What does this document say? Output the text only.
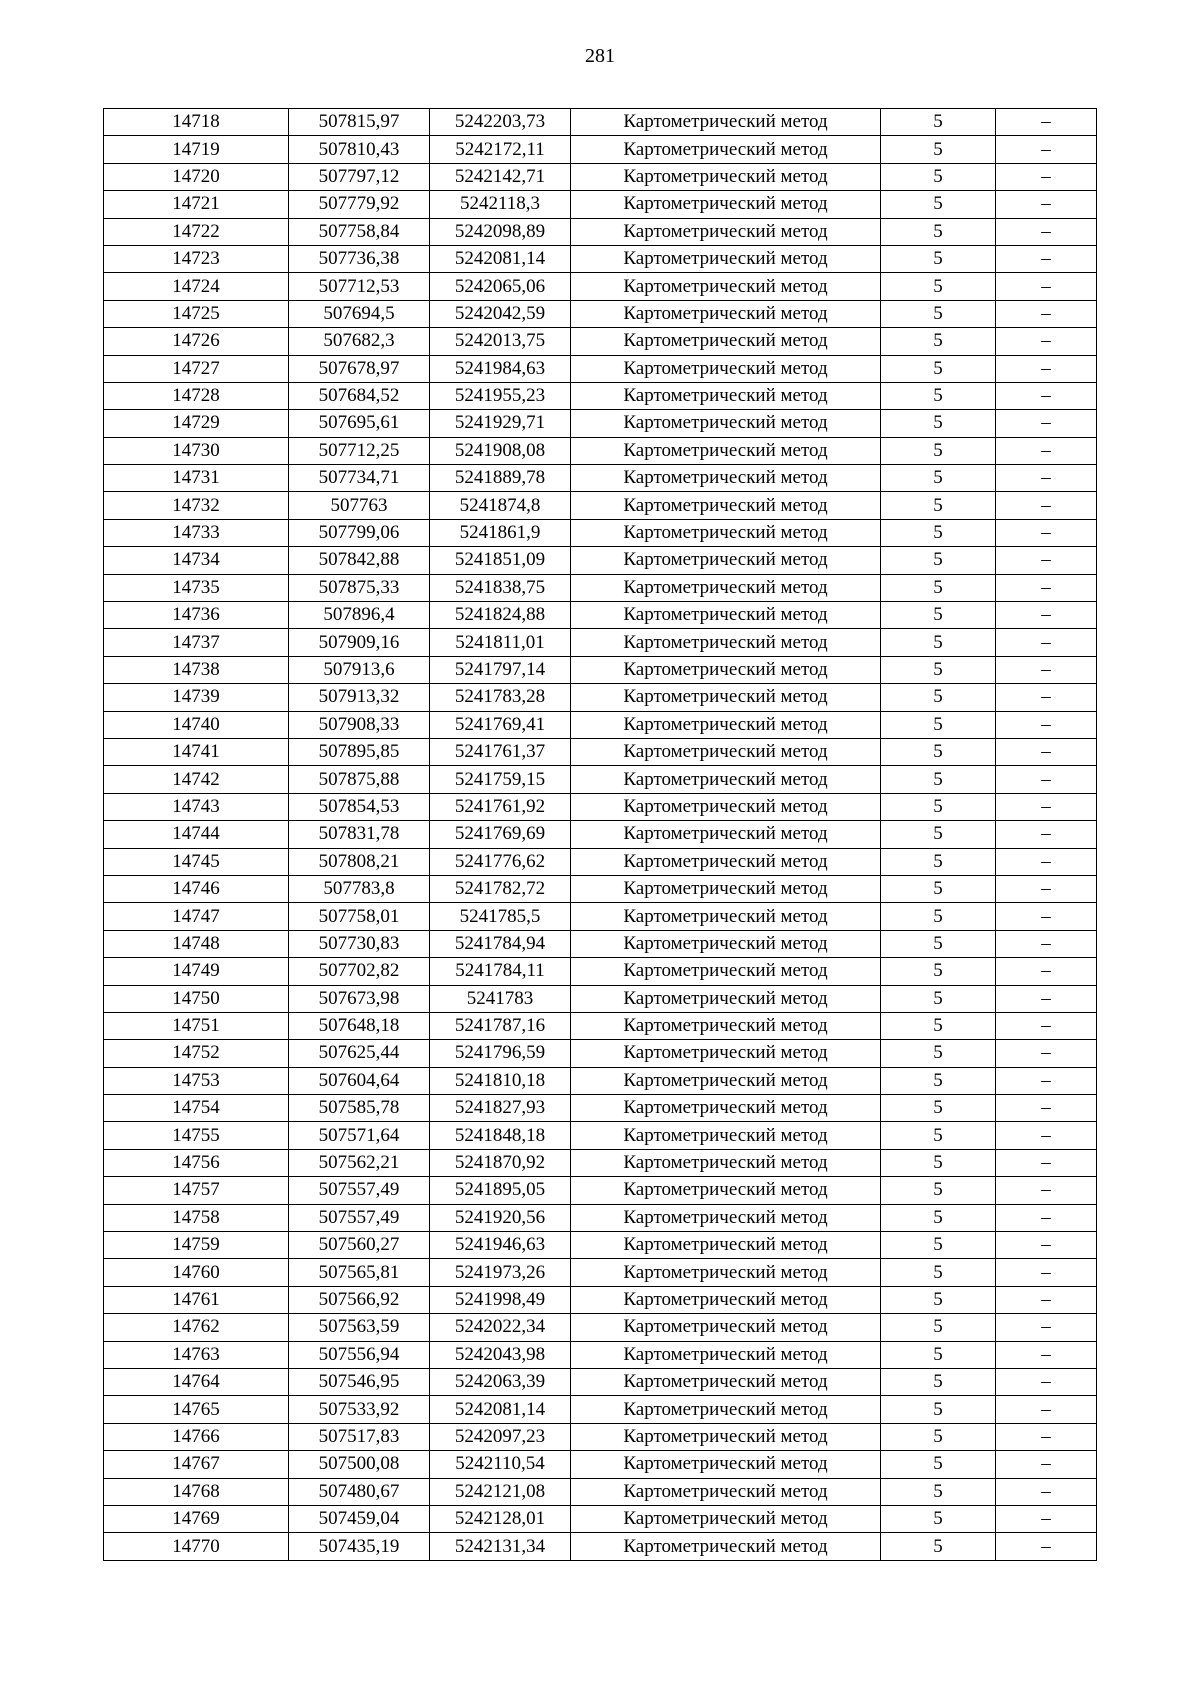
281
14718	507815,97	5242203,73	Картометрический метод	5	–
14719	507810,43	5242172,11	Картометрический метод	5	–
14720	507797,12	5242142,71	Картометрический метод	5	–
14721	507779,92	5242118,3	Картометрический метод	5	–
14722	507758,84	5242098,89	Картометрический метод	5	–
14723	507736,38	5242081,14	Картометрический метод	5	–
14724	507712,53	5242065,06	Картометрический метод	5	–
14725	507694,5	5242042,59	Картометрический метод	5	–
14726	507682,3	5242013,75	Картометрический метод	5	–
14727	507678,97	5241984,63	Картометрический метод	5	–
14728	507684,52	5241955,23	Картометрический метод	5	–
14729	507695,61	5241929,71	Картометрический метод	5	–
14730	507712,25	5241908,08	Картометрический метод	5	–
14731	507734,71	5241889,78	Картометрический метод	5	–
14732	507763	5241874,8	Картометрический метод	5	–
14733	507799,06	5241861,9	Картометрический метод	5	–
14734	507842,88	5241851,09	Картометрический метод	5	–
14735	507875,33	5241838,75	Картометрический метод	5	–
14736	507896,4	5241824,88	Картометрический метод	5	–
14737	507909,16	5241811,01	Картометрический метод	5	–
14738	507913,6	5241797,14	Картометрический метод	5	–
14739	507913,32	5241783,28	Картометрический метод	5	–
14740	507908,33	5241769,41	Картометрический метод	5	–
14741	507895,85	5241761,37	Картометрический метод	5	–
14742	507875,88	5241759,15	Картометрический метод	5	–
14743	507854,53	5241761,92	Картометрический метод	5	–
14744	507831,78	5241769,69	Картометрический метод	5	–
14745	507808,21	5241776,62	Картометрический метод	5	–
14746	507783,8	5241782,72	Картометрический метод	5	–
14747	507758,01	5241785,5	Картометрический метод	5	–
14748	507730,83	5241784,94	Картометрический метод	5	–
14749	507702,82	5241784,11	Картометрический метод	5	–
14750	507673,98	5241783	Картометрический метод	5	–
14751	507648,18	5241787,16	Картометрический метод	5	–
14752	507625,44	5241796,59	Картометрический метод	5	–
14753	507604,64	5241810,18	Картометрический метод	5	–
14754	507585,78	5241827,93	Картометрический метод	5	–
14755	507571,64	5241848,18	Картометрический метод	5	–
14756	507562,21	5241870,92	Картометрический метод	5	–
14757	507557,49	5241895,05	Картометрический метод	5	–
14758	507557,49	5241920,56	Картометрический метод	5	–
14759	507560,27	5241946,63	Картометрический метод	5	–
14760	507565,81	5241973,26	Картометрический метод	5	–
14761	507566,92	5241998,49	Картометрический метод	5	–
14762	507563,59	5242022,34	Картометрический метод	5	–
14763	507556,94	5242043,98	Картометрический метод	5	–
14764	507546,95	5242063,39	Картометрический метод	5	–
14765	507533,92	5242081,14	Картометрический метод	5	–
14766	507517,83	5242097,23	Картометрический метод	5	–
14767	507500,08	5242110,54	Картометрический метод	5	–
14768	507480,67	5242121,08	Картометрический метод	5	–
14769	507459,04	5242128,01	Картометрический метод	5	–
14770	507435,19	5242131,34	Картометрический метод	5	–
